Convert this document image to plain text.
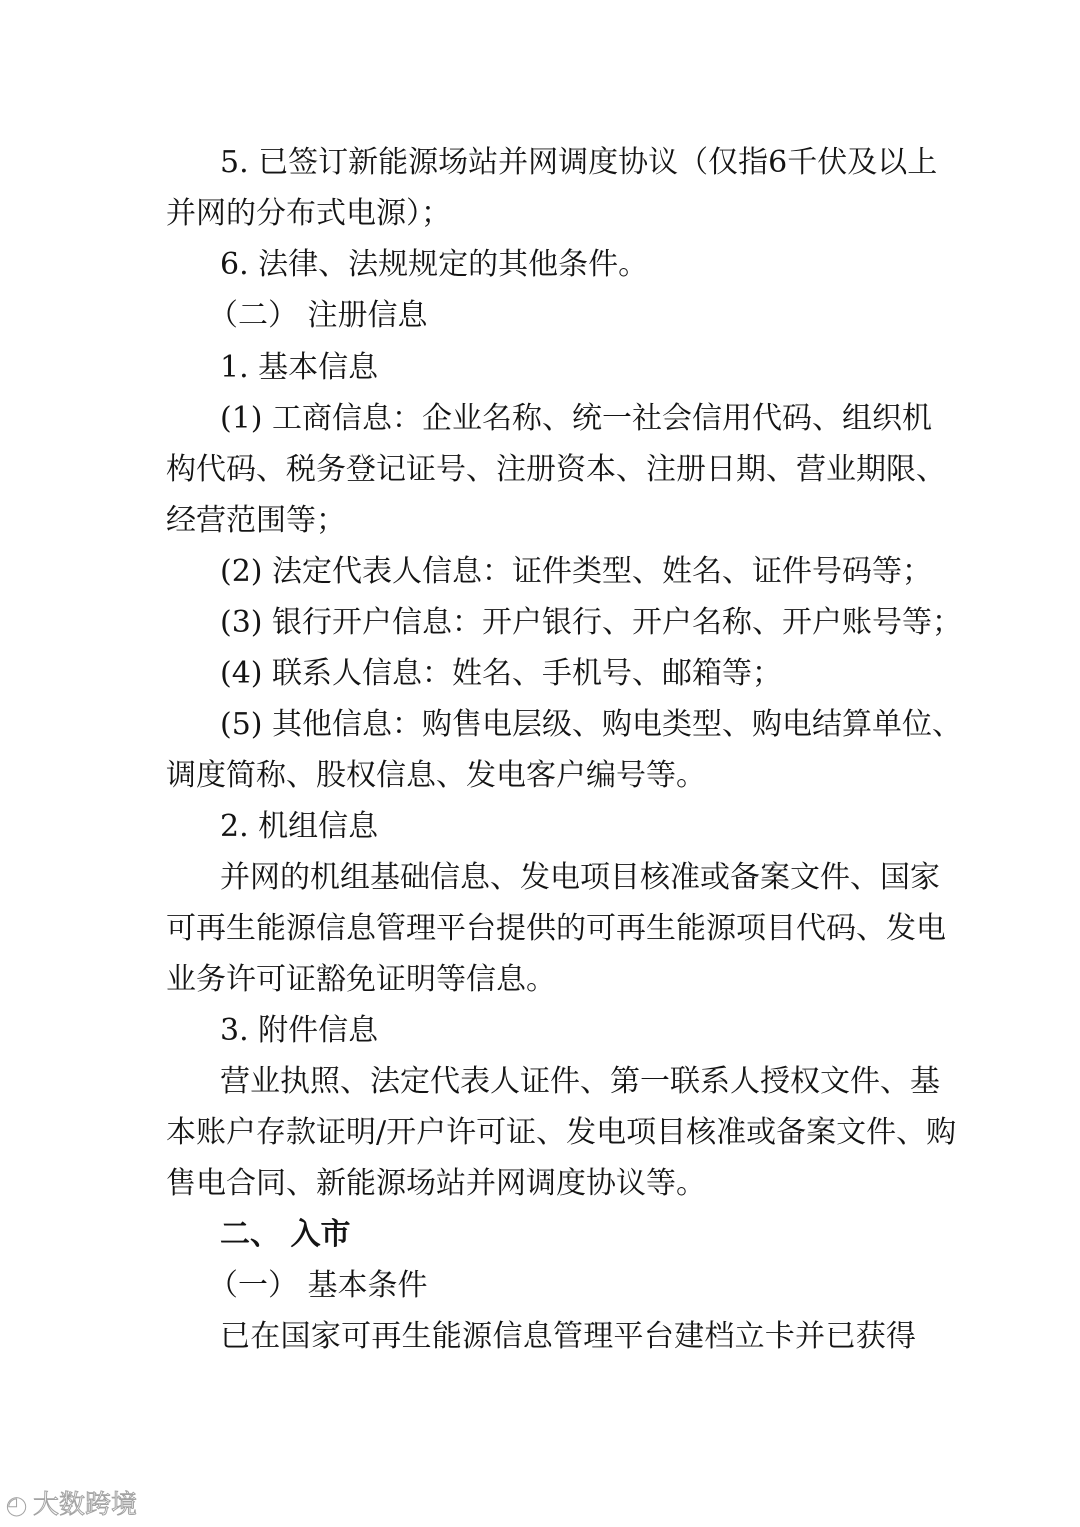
5. 已签订新能源场站并网调度协议（仅指6千伏及以上
并网的分布式电源）；
6. 法律、法规规定的其他条件。
（二） 注册信息
1. 基本信息
(1) 工商信息：企业名称、统一社会信用代码、组织机
构代码、税务登记证号、注册资本、注册日期、营业期限、
经营范围等；
(2) 法定代表人信息：证件类型、姓名、证件号码等；
(3) 银行开户信息：开户银行、开户名称、开户账号等；
(4) 联系人信息：姓名、手机号、邮箱等；
(5) 其他信息：购售电层级、购电类型、购电结算单位、
调度简称、股权信息、发电客户编号等。
2. 机组信息
并网的机组基础信息、发电项目核准或备案文件、国家
可再生能源信息管理平台提供的可再生能源项目代码、发电
业务许可证豁免证明等信息。
3. 附件信息
营业执照、法定代表人证件、第一联系人授权文件、基
本账户存款证明/开户许可证、发电项目核准或备案文件、购
售电合同、新能源场站并网调度协议等。
二、 入市
（一） 基本条件
已在国家可再生能源信息管理平台建档立卡并已获得
◕ 大数跨境
